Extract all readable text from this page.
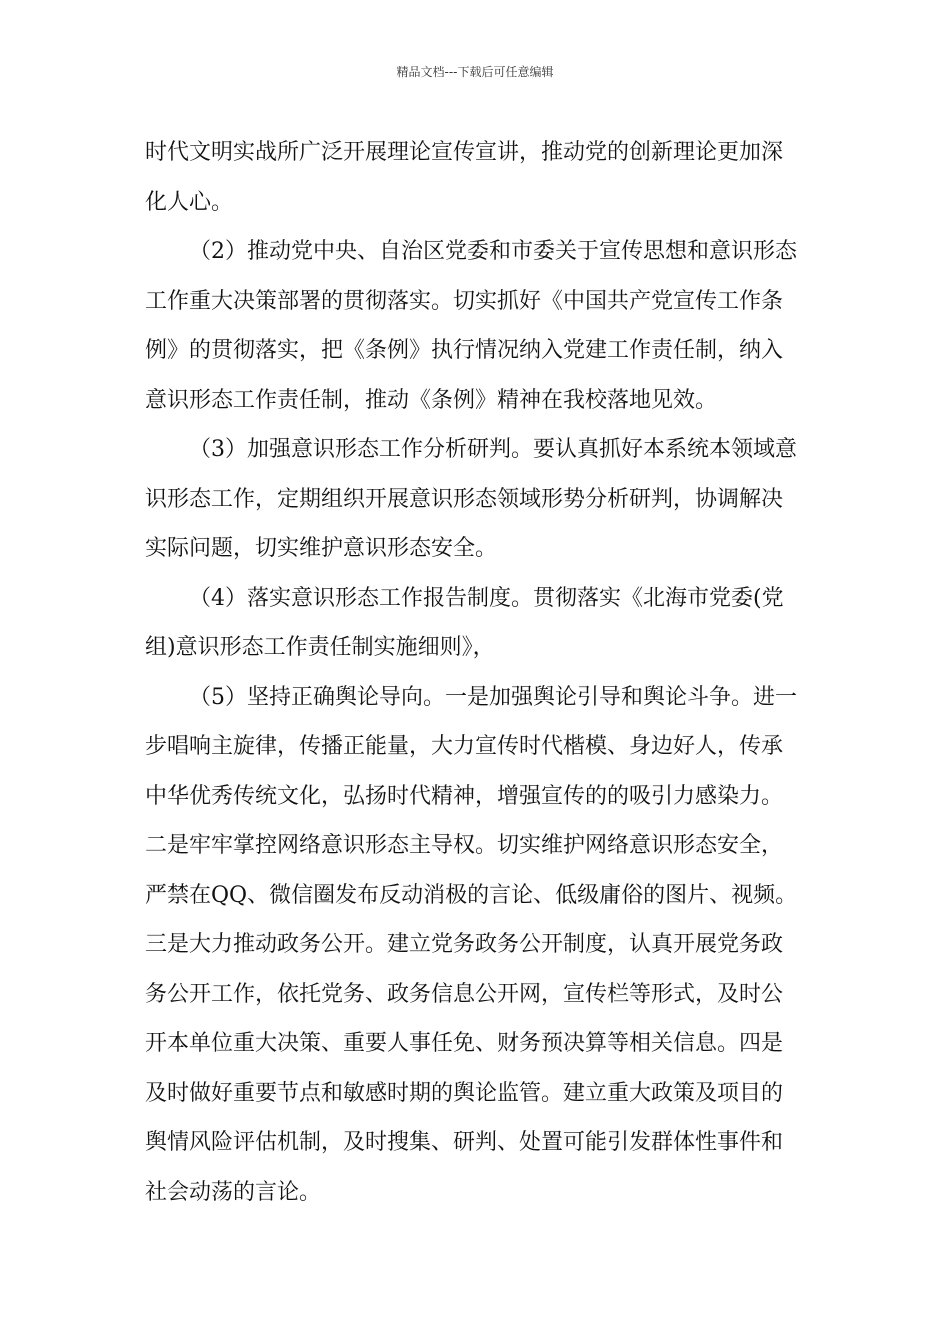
精品文档---下载后可任意编辑
时代文明实战所广泛开展理论宣传宣讲，推动党的创新理论更加深
化人心。
（2）推动党中央、自治区党委和市委关于宣传思想和意识形态
工作重大决策部署的贯彻落实。切实抓好《中国共产党宣传工作条
例》的贯彻落实，把《条例》执行情况纳入党建工作责任制，纳入
意识形态工作责任制，推动《条例》精神在我校落地见效。
（3）加强意识形态工作分析研判。要认真抓好本系统本领域意
识形态工作，定期组织开展意识形态领域形势分析研判，协调解决
实际问题，切实维护意识形态安全。
（4）落实意识形态工作报告制度。贯彻落实《北海市党委(党
组)意识形态工作责任制实施细则》，
（5）坚持正确舆论导向。一是加强舆论引导和舆论斗争。进一
步唱响主旋律，传播正能量，大力宣传时代楷模、身边好人，传承
中华优秀传统文化，弘扬时代精神，增强宣传的的吸引力感染力。
二是牢牢掌控网络意识形态主导权。切实维护网络意识形态安全，
严禁在QQ、微信圈发布反动消极的言论、低级庸俗的图片、视频。
三是大力推动政务公开。建立党务政务公开制度，认真开展党务政
务公开工作，依托党务、政务信息公开网，宣传栏等形式，及时公
开本单位重大决策、重要人事任免、财务预决算等相关信息。四是
及时做好重要节点和敏感时期的舆论监管。建立重大政策及项目的
舆情风险评估机制，及时搜集、研判、处置可能引发群体性事件和
社会动荡的言论。
